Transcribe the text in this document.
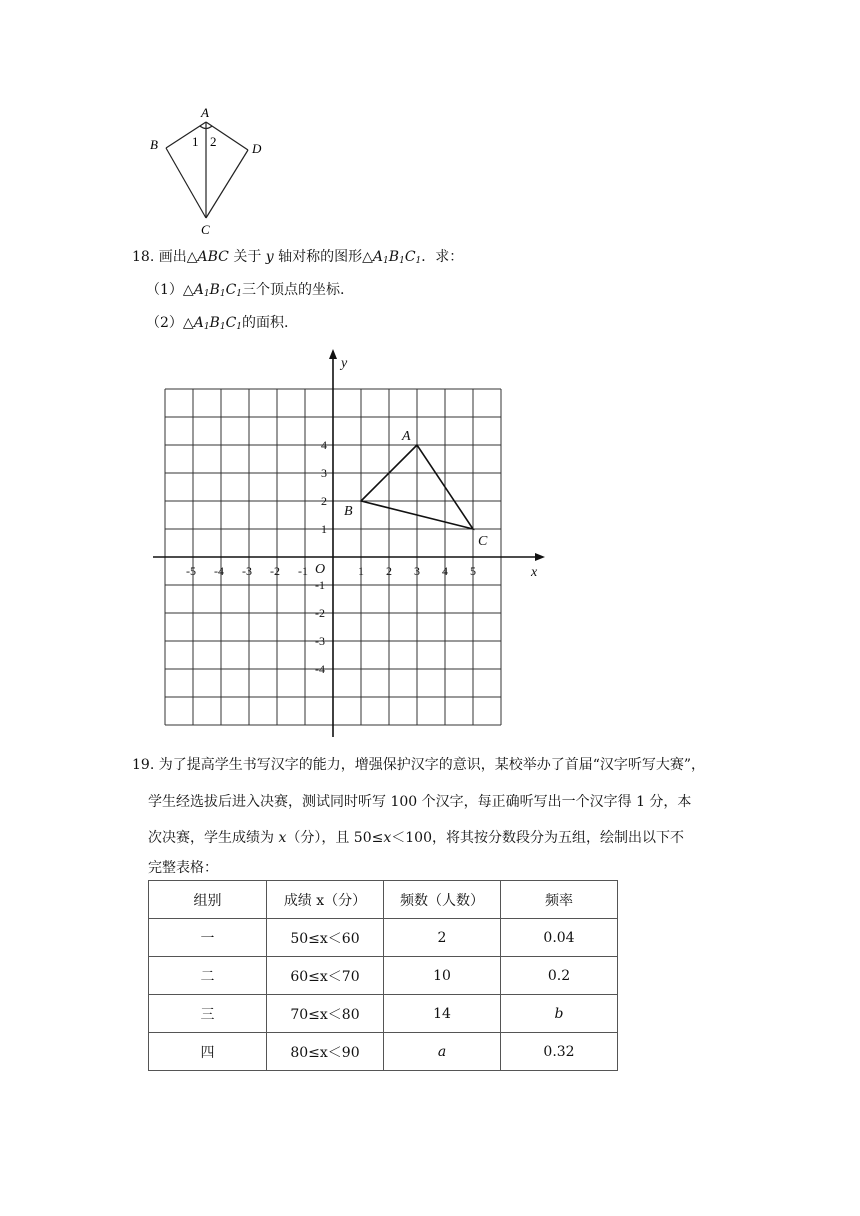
A
B	D
C
1 2
18. 画出△ABC 关于 y 轴对称的图形$\triangle A_1B_1C_1$．求：
$(1)\triangle A_1B_1C_1$三个顶点的坐标.
$(2)\triangle A_1B_1C_1$的面积.
x
y
O
-5 -4 -3 -2 -1	1 2 3 4 5
4
3
2
1
-1
-2
-3
-4
A
B
C
19. 为了提高学生书写汉字的能力，增强保护汉字的意识，某校举办了首届“汉字听写大赛”，
学生经选拔后进入决赛，测试同时听写 100 个汉字，每正确听写出一个汉字得 1 分，本
次决赛，学生成绩为 x（分），且 50≤x＜100，将其按分数段分为五组，绘制出以下不
完整表格：
组别	成绩 x（分）	频数（人数）	频率
一	50≤x＜60	2	0.04
二	60≤x＜70	10	0.2
三	70≤x＜80	14	b
四	80≤x＜90	a	0.32
